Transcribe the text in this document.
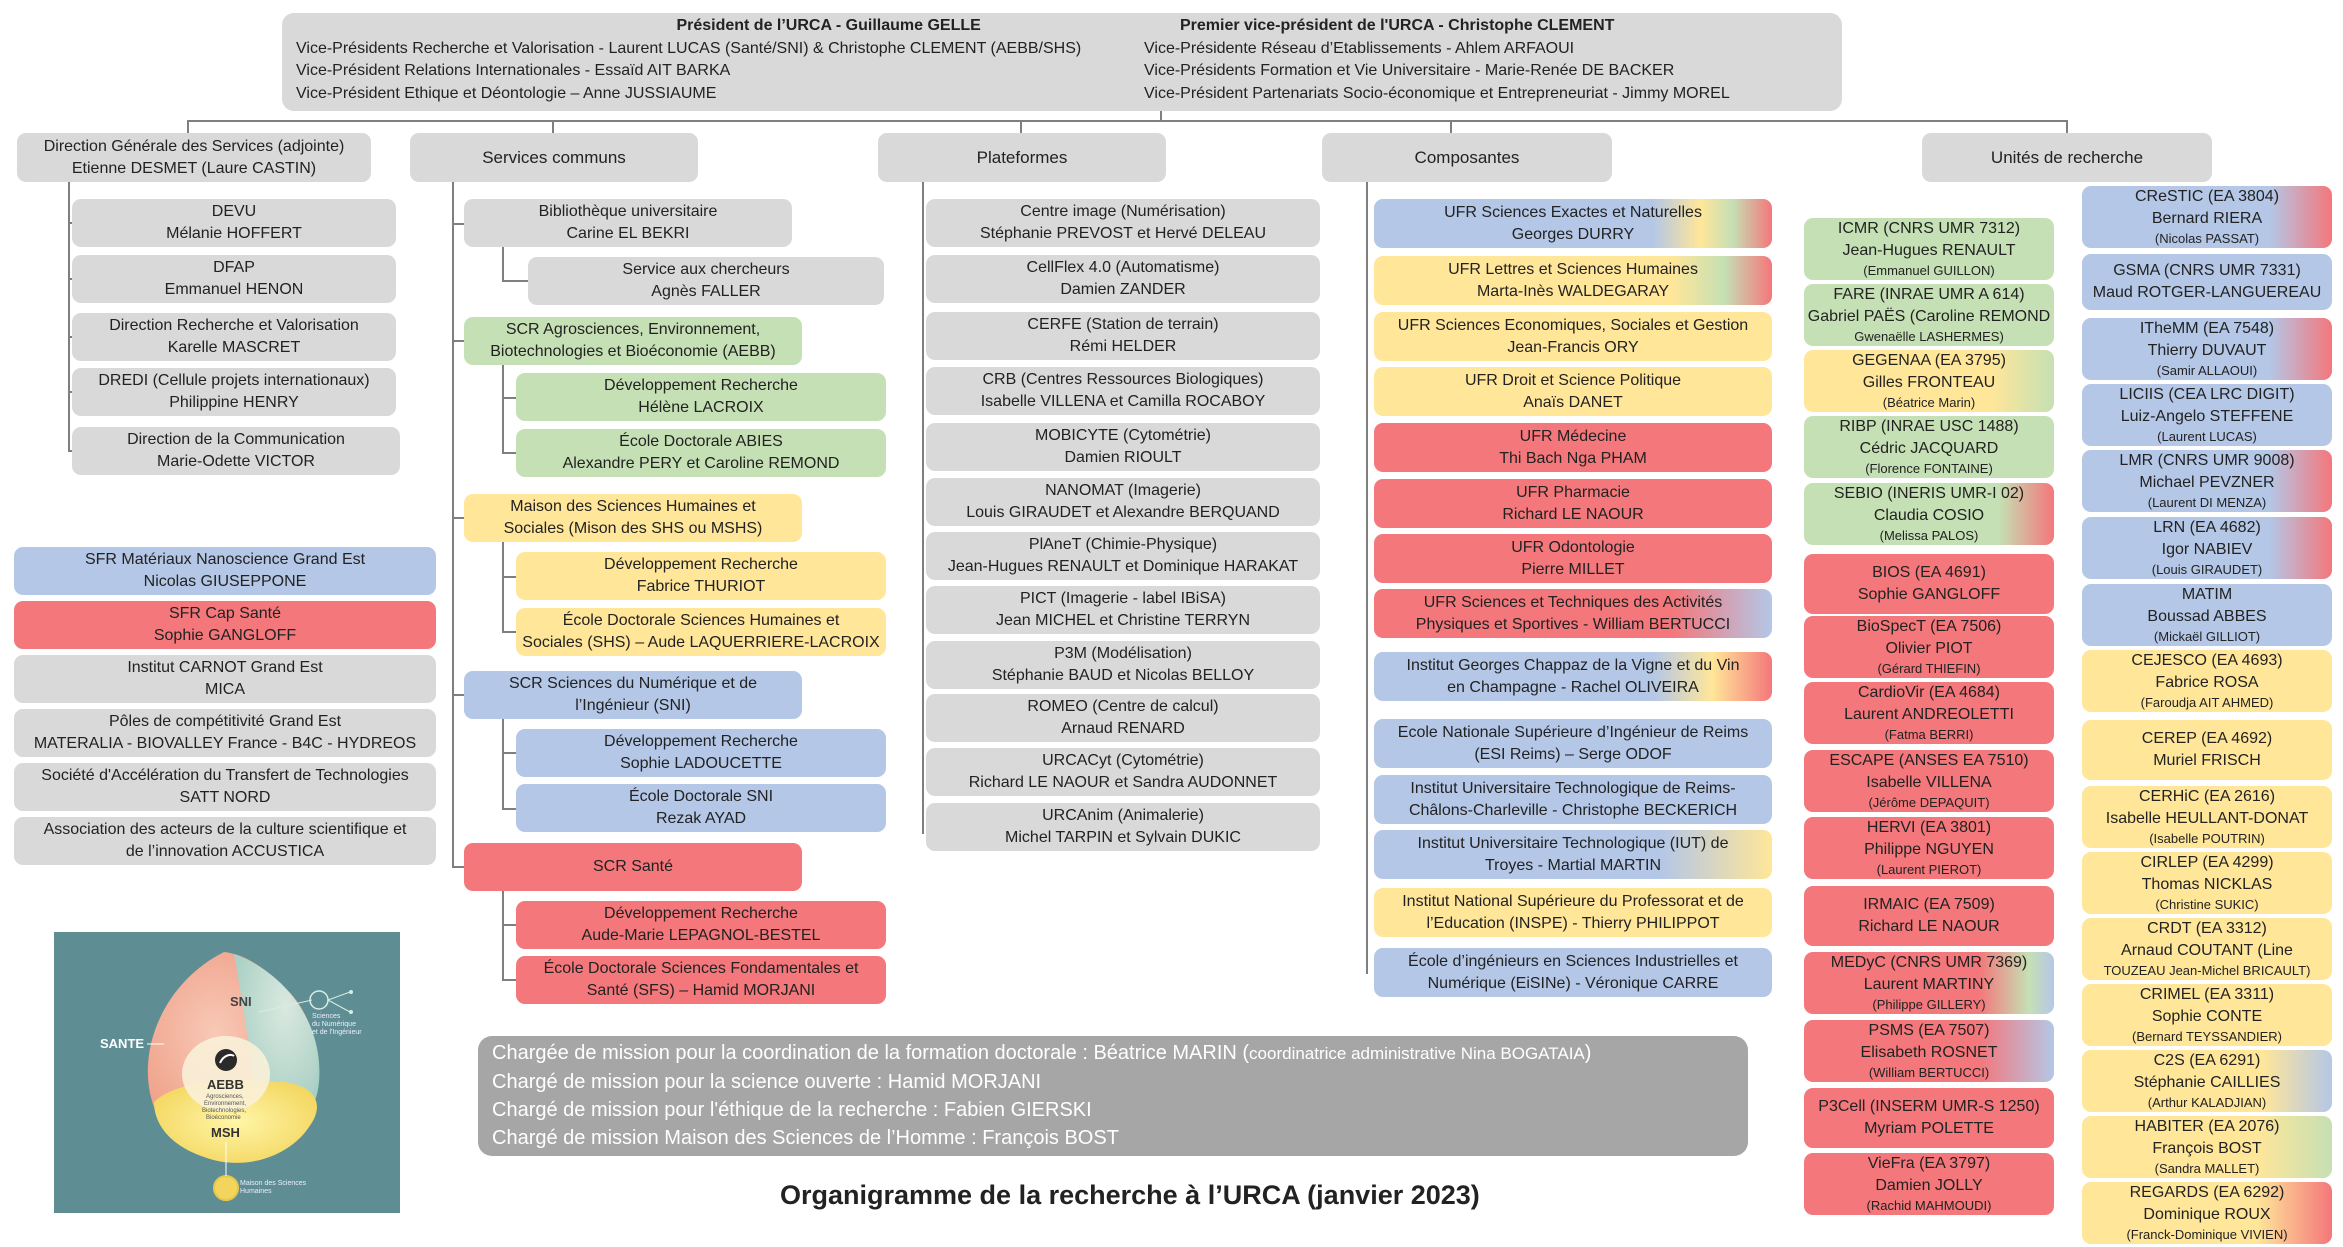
Président de l’URCA - Guillaume GELLE
Vice-Présidents Recherche et Valorisation - Laurent LUCAS (Santé/SNI) & Christophe CLEMENT (AEBB/SHS)
Vice-Président Relations Internationales - Essaïd AIT BARKA
Vice-Président Ethique et Déontologie – Anne JUSSIAUME
Premier vice-président de l'URCA - Christophe CLEMENT
Vice-Présidente Réseau d’Etablissements - Ahlem ARFAOUI
Vice-Présidents Formation et Vie Universitaire - Marie-Renée DE BACKER
Vice-Président Partenariats Socio-économique et Entrepreneuriat - Jimmy MOREL
Direction Générale des Services (adjointe)
Etienne DESMET (Laure CASTIN)
Services communs	Plateformes	Composantes	Unités de recherche
DEVU
Mélanie HOFFERT
DFAP
Emmanuel HENON
Direction Recherche et Valorisation
Karelle MASCRET
DREDI (Cellule projets internationaux)
Philippine HENRY
Direction de la Communication
Marie-Odette VICTOR
SFR Matériaux Nanoscience Grand Est
Nicolas GIUSEPPONE
SFR Cap Santé
Sophie GANGLOFF
Institut CARNOT Grand Est
MICA
Pôles de compétitivité Grand Est
MATERALIA - BIOVALLEY France - B4C - HYDREOS
Société d'Accélération du Transfert de Technologies
SATT NORD
Association des acteurs de la culture scientifique et
de l’innovation ACCUSTICA
Bibliothèque universitaire
Carine EL BEKRI
Service aux chercheurs
Agnès FALLER
SCR Agrosciences, Environnement,
Biotechnologies et Bioéconomie (AEBB)
Développement Recherche
Hélène LACROIX
École Doctorale ABIES
Alexandre PERY et Caroline REMOND
Maison des Sciences Humaines et
Sociales (Mison des SHS ou MSHS)
Développement Recherche
Fabrice THURIOT
École Doctorale Sciences Humaines et
Sociales (SHS) – Aude LAQUERRIERE-LACROIX
SCR Sciences du Numérique et de
l’Ingénieur (SNI)
Développement Recherche
Sophie LADOUCETTE
École Doctorale SNI
Rezak AYAD
SCR Santé
Développement Recherche
Aude-Marie LEPAGNOL-BESTEL
École Doctorale Sciences Fondamentales et
Santé (SFS) – Hamid MORJANI
UFR Sciences Exactes et Naturelles
Georges DURRY
UFR Lettres et Sciences Humaines
Marta-Inès WALDEGARAY
UFR Sciences Economiques, Sociales et Gestion
Jean-Francis ORY
UFR Droit et Science Politique
Anaïs DANET
UFR Médecine
Thi Bach Nga PHAM
UFR Pharmacie
Richard LE NAOUR
UFR Odontologie
Pierre MILLET
UFR Sciences et Techniques des Activités
Physiques et Sportives - William BERTUCCI
Institut Georges Chappaz de la Vigne et du Vin
en Champagne - Rachel OLIVEIRA
Ecole Nationale Supérieure d’Ingénieur de Reims
(ESI Reims) – Serge ODOF
Institut Universitaire Technologique de Reims-
Châlons-Charleville - Christophe BECKERICH
Institut Universitaire Technologique (IUT) de
Troyes - Martial MARTIN
Institut National Supérieure du Professorat et de
l’Education (INSPE) - Thierry PHILIPPOT
École d’ingénieurs en Sciences Industrielles et
Numérique (EiSINe) - Véronique CARRE
ICMR (CNRS UMR 7312)
Jean-Hugues RENAULT
(Emmanuel GUILLON)
FARE (INRAE UMR A 614)
Gabriel PAËS (Caroline REMOND
Gwenaëlle LASHERMES)
GEGENAA (EA 3795)
Gilles FRONTEAU
(Béatrice Marin)
RIBP (INRAE USC 1488)
Cédric JACQUARD
(Florence FONTAINE)
SEBIO (INERIS UMR-I 02)
Claudia COSIO
(Melissa PALOS)
BIOS (EA 4691)
Sophie GANGLOFF
BioSpecT (EA 7506)
Olivier PIOT
(Gérard THIEFIN)
CardioVir (EA 4684)
Laurent ANDREOLETTI
(Fatma BERRI)
ESCAPE (ANSES EA 7510)
Isabelle VILLENA
(Jérôme DEPAQUIT)
HERVI (EA 3801)
Philippe NGUYEN
(Laurent PIEROT)
IRMAIC (EA 7509)
Richard LE NAOUR
MEDyC (CNRS UMR 7369)
Laurent MARTINY
(Philippe GILLERY)
PSMS (EA 7507)
Elisabeth ROSNET
(William BERTUCCI)
P3Cell (INSERM UMR-S 1250)
Myriam POLETTE
VieFra (EA 3797)
Damien JOLLY
(Rachid MAHMOUDI)
CReSTIC (EA 3804)
Bernard RIERA
(Nicolas PASSAT)
GSMA (CNRS UMR 7331)
Maud ROTGER-LANGUEREAU
ITheMM (EA 7548)
Thierry DUVAUT
(Samir ALLAOUI)
LICIIS (CEA LRC DIGIT)
Luiz-Angelo STEFFENE
(Laurent LUCAS)
LMR (CNRS UMR 9008)
Michael PEVZNER
(Laurent DI MENZA)
LRN (EA 4682)
Igor NABIEV
(Louis GIRAUDET)
MATIM
Boussad ABBES
(Mickaël GILLIOT)
CEJESCO (EA 4693)
Fabrice ROSA
(Faroudja AIT AHMED)
CEREP (EA 4692)
Muriel FRISCH
CERHiC (EA 2616)
Isabelle HEULLANT-DONAT
(Isabelle POUTRIN)
CIRLEP (EA 4299)
Thomas NICKLAS
(Christine SUKIC)
CRDT (EA 3312)
Arnaud COUTANT (Line
TOUZEAU Jean-Michel BRICAULT)
CRIMEL (EA 3311)
Sophie CONTE
(Bernard TEYSSANDIER)
C2S (EA 6291)
Stéphanie CAILLIES
(Arthur KALADJIAN)
HABITER (EA 2076)
François BOST
(Sandra MALLET)
REGARDS (EA 6292)
Dominique ROUX
(Franck-Dominique VIVIEN)
Chargée de mission pour la coordination de la formation doctorale : Béatrice MARIN (coordinatrice administrative Nina BOGATAIA)
Chargé de mission pour la science ouverte : Hamid MORJANI
Chargé de mission pour l'éthique de la recherche : Fabien GIERSKI
Chargé de mission Maison des Sciences de l’Homme : François BOST
Organigramme de la recherche à l’URCA (janvier 2023)
SNI
Sciences
du Numérique
et de l'Ingénieur
SANTE
AEBB
Agrosciences,
Environnement,
Biotechnologies,
Bioéconomie
MSH
Maison des Sciences
Humaines
Centre image (Numérisation)
Stéphanie PREVOST et Hervé DELEAU
CellFlex 4.0 (Automatisme)
Damien ZANDER
CERFE (Station de terrain)
Rémi HELDER
CRB (Centres Ressources Biologiques)
Isabelle VILLENA et Camilla ROCABOY
MOBICYTE (Cytométrie)
Damien RIOULT
NANOMAT (Imagerie)
Louis GIRAUDET et Alexandre BERQUAND
PlAneT (Chimie-Physique)
Jean-Hugues RENAULT et Dominique HARAKAT
PICT (Imagerie - label IBiSA)
Jean MICHEL et Christine TERRYN
P3M (Modélisation)
Stéphanie BAUD et Nicolas BELLOY
ROMEO (Centre de calcul)
Arnaud RENARD
URCACyt (Cytométrie)
Richard LE NAOUR et Sandra AUDONNET
URCAnim (Animalerie)
Michel TARPIN et Sylvain DUKIC
